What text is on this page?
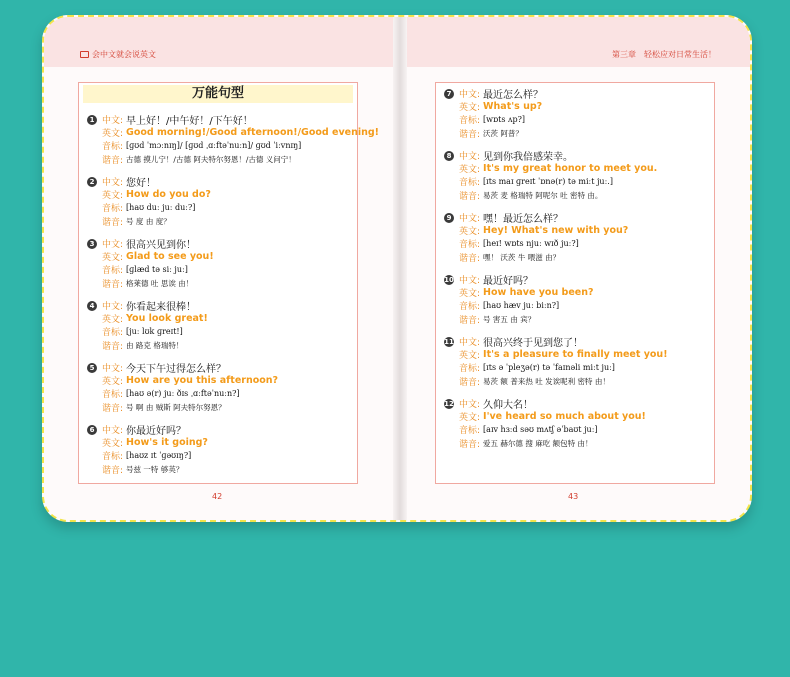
会中文就会说英文	第三章　轻松应对日常生活！
万能句型
1 中文: 早上好！/中午好！/下午好！
英文: Good morning!/Good afternoon!/Good evening!
音标: [ɡʊd ˈmɔːnɪŋ]/ [ɡʊd ˌɑːftəˈnuːn]/ ɡʊd ˈiːvnɪŋ]
谐音: 古德 摸儿宁！/古德 阿夫特尔努恩！/古德 义问宁！
2 中文: 您好！
英文: How do you do?
音标: [haʊ duː juː duː?]
谐音: 号 度 由 度？
3 中文: 很高兴见到你！
英文: Glad to see you!
音标: [ɡlæd tə siː juː]
谐音: 格莱德 吐 思诶 由！
4 中文: 你看起来很棒！
英文: You look great!
音标: [juː lʊk ɡreɪt!]
谐音: 由 路克 格瑞特！
5 中文: 今天下午过得怎么样？
英文: How are you this afternoon?
音标: [haʊ ə(r) juː ðɪs ˌɑːftəˈnuːn?]
谐音: 号 啊 由 贼斯 阿夫特尔努恩？
6 中文: 你最近好吗？
英文: How's it going?
音标: [haʊz ɪt ˈɡəʊɪŋ?]
谐音: 号兹 一特 够英？
7 中文: 最近怎么样？
英文: What's up?
音标: [wɒts ʌp?]
谐音: 沃茨 阿普？
8 中文: 见到你我倍感荣幸。
英文: It's my great honor to meet you.
音标: [ɪts maɪ ɡreɪt ˈɒnə(r) tə miːt juː.]
谐音: 易茨 麦 格瑞特 阿呢尔 吐 密特 由。
9 中文: 嘿！最近怎么样？
英文: Hey! What's new with you?
音标: [heɪ! wɒts njuː wɪð juː?]
谐音: 嘿！ 沃茨 牛 喂滋 由？
10 中文: 最近好吗？
英文: How have you been?
音标: [haʊ hæv juː biːn?]
谐音: 号 害五 由 宾？
11 中文: 很高兴终于见到您了！
英文: It's a pleasure to finally meet you!
音标: [ɪts ə ˈpleʒə(r) tə ˈfaɪnəli miːt juː]
谐音: 易茨 额 普来热 吐 发诶呢利 密特 由！
12 中文: 久仰大名！
英文: I've heard so much about you!
音标: [aɪv hɜːd səʊ mʌtʃ əˈbaʊt juː]
谐音: 爱五 赫尔德 搜 麻吃 额包特 由！
42	43
